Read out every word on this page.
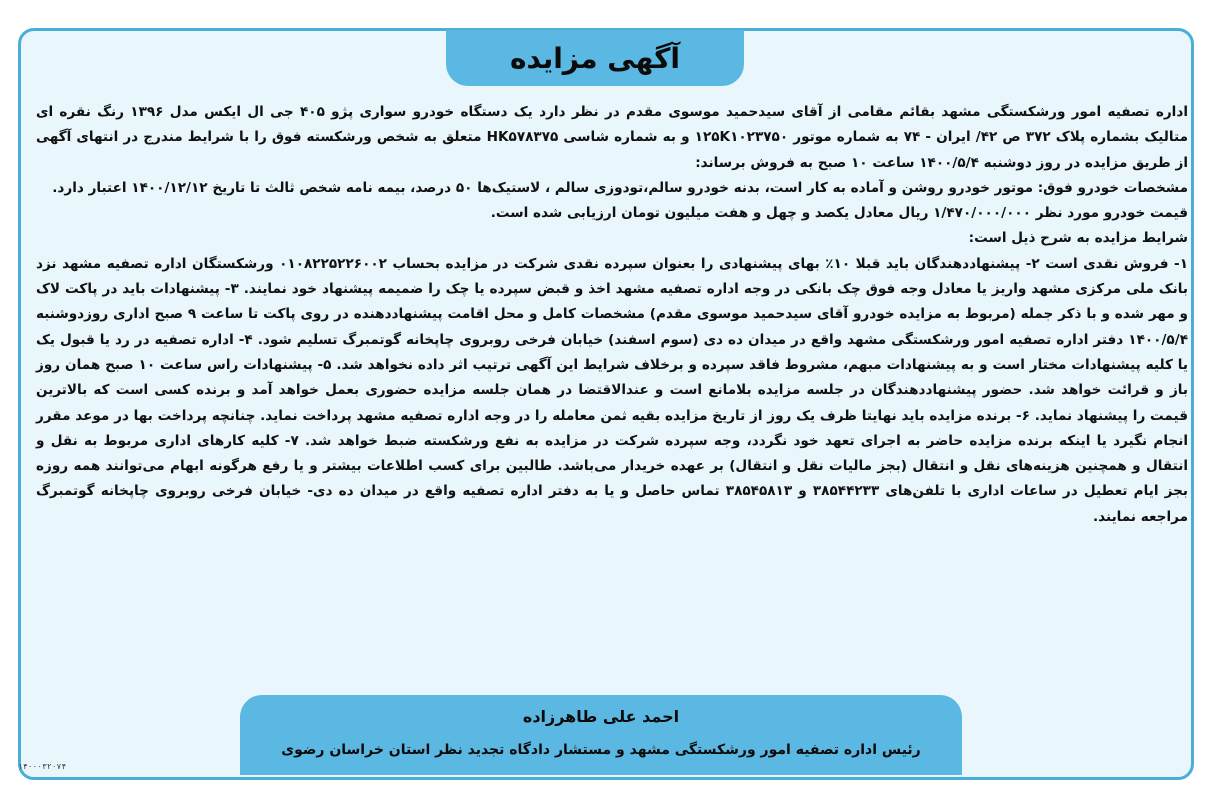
آگهی مزایده

اداره تصفیه امور ورشکستگی مشهد بقائم مقامی از آقای سیدحمید موسوی مقدم در نظر دارد یک دستگاه خودرو سواری پژو ۴۰۵ جی ال ایکس مدل ۱۳۹۶ رنگ نقره ای متالیک بشماره پلاک ۳۷۲ ص ۴۲/ ایران - ۷۴ به شماره موتور ۱۲۵K۱۰۲۳۷۵۰ و به شماره شاسی HK۵۷۸۳۷۵ متعلق به شخص ورشکسته فوق را با شرایط مندرج در انتهای آگهی از طریق مزایده در روز دوشنبه ۱۴۰۰/۵/۴ ساعت ۱۰ صبح به فروش برساند:

مشخصات خودرو فوق: موتور خودرو روشن و آماده به کار است، بدنه خودرو سالم،تودوزی سالم ، لاستیک‌ها ۵۰ درصد، بیمه نامه شخص ثالث تا تاریخ ۱۴۰۰/۱۲/۱۲ اعتبار دارد.

قیمت خودرو مورد نظر ۱/۴۷۰/۰۰۰/۰۰۰ ریال معادل یکصد و چهل و هفت میلیون تومان ارزیابی شده است.

شرایط مزایده به شرح ذیل است:

۱- فروش نقدی است ۲- پیشنهاددهندگان باید قبلا ۱۰٪ بهای پیشنهادی را بعنوان سپرده نقدی شرکت در مزایده بحساب ۰۱۰۸۲۲۵۲۲۶۰۰۲ ورشکستگان اداره تصفیه مشهد نزد بانک ملی مرکزی مشهد واریز یا معادل وجه فوق چک بانکی در وجه اداره تصفیه مشهد اخذ و قبض سپرده یا چک را ضمیمه پیشنهاد خود نمایند. ۳- پیشنهادات باید در پاکت لاک و مهر شده و با ذکر جمله (مربوط به مزایده خودرو آقای سیدحمید موسوی مقدم) مشخصات کامل و محل اقامت پیشنهاددهنده در روی پاکت تا ساعت ۹ صبح اداری روزدوشنبه ۱۴۰۰/۵/۴ دفتر اداره تصفیه امور ورشکستگی مشهد واقع در میدان ده دی (سوم اسفند) خیابان فرخی روبروی چاپخانه گوتمبرگ تسلیم شود. ۴- اداره تصفیه در رد یا قبول یک یا کلیه پیشنهادات مختار است و به پیشنهادات مبهم، مشروط فاقد سپرده و برخلاف شرایط این آگهی ترتیب اثر داده نخواهد شد. ۵- پیشنهادات راس ساعت ۱۰ صبح همان روز باز و قرائت خواهد شد. حضور پیشنهاددهندگان در جلسه مزایده بلامانع است و عندالاقتضا در همان جلسه مزایده حضوری بعمل خواهد آمد و برنده کسی است که بالاترین قیمت را پیشنهاد نماید. ۶- برنده مزایده باید نهایتا ظرف یک روز از تاریخ مزایده بقیه ثمن معامله را در وجه اداره تصفیه مشهد پرداخت نماید. چنانچه پرداخت بها در موعد مقرر انجام نگیرد یا اینکه برنده مزایده حاضر به اجرای تعهد خود نگردد، وجه سپرده شرکت در مزایده به نفع ورشکسته ضبط خواهد شد. ۷- کلیه کارهای اداری مربوط به نقل و انتقال و همچنین هزینه‌های نقل و انتقال (بجز مالیات نقل و انتقال) بر عهده خریدار می‌باشد. طالبین برای کسب اطلاعات بیشتر و یا رفع هرگونه ابهام می‌توانند همه روزه بجز ایام تعطیل در ساعات اداری با تلفن‌های ۳۸۵۴۴۲۳۳ و ۳۸۵۴۵۸۱۳ تماس حاصل و یا به دفتر اداره تصفیه واقع در میدان ده دی- خیابان فرخی روبروی چاپخانه گوتمبرگ مراجعه نمایند.

احمد علی طاهرزاده
رئیس اداره تصفیه امور ورشکستگی مشهد و مستشار دادگاه تجدید نظر استان خراسان رضوی
۱۴۰۰۰۳۲۰۷۴
